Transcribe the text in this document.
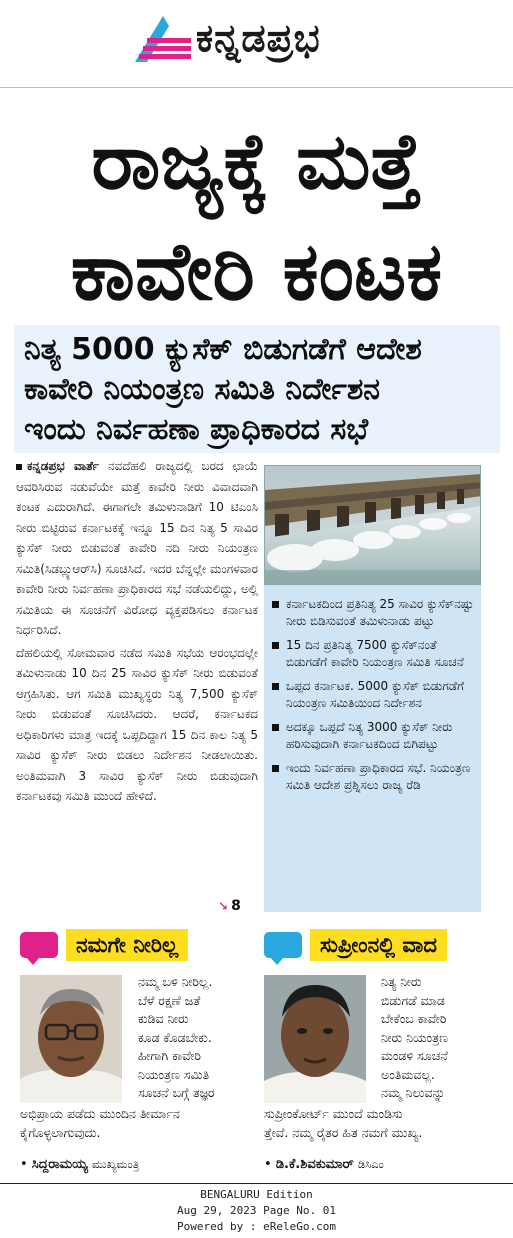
ಕನ್ನಡಪ್ರಭ
ರಾಜ್ಯಕ್ಕೆ ಮತ್ತೆ
ಕಾವೇರಿ ಕಂಟಕ
ನಿತ್ಯ 5000 ಕ್ಯುಸೆಕ್ ಬಿಡುಗಡೆಗೆ ಆದೇಶ
ಕಾವೇರಿ ನಿಯಂತ್ರಣ ಸಮಿತಿ ನಿರ್ದೇಶನ
ಇಂದು ನಿರ್ವಹಣಾ ಪ್ರಾಧಿಕಾರದ ಸಭೆ

ಕನ್ನಡಪ್ರಭ ವಾರ್ತೆ ನವದೆಹಲಿ ರಾಜ್ಯದಲ್ಲಿ ಬರದ ಛಾಯೆ ಆವರಿಸಿರುವ ನಡುವೆಯೇ ಮತ್ತೆ ಕಾವೇರಿ ನೀರು ವಿವಾದವಾಗಿ ಕಂಟಕ ಎದುರಾಗಿದೆ. ಈಗಾಗಲೇ ತಮಿಳುನಾಡಿಗೆ 10 ಟಿಎಂಸಿ ನೀರು ಬಿಟ್ಟಿರುವ ಕರ್ನಾಟಕಕ್ಕೆ ಇನ್ನೂ 15 ದಿನ ನಿತ್ಯ 5 ಸಾವಿರ ಕ್ಯುಸೆಕ್ ನೀರು ಬಿಡುವಂತೆ ಕಾವೇರಿ ನದಿ ನೀರು ನಿಯಂತ್ರಣ ಸಮಿತಿ(ಸಿಡಬ್ಲ್ಯುಆರ್‌ಸಿ) ಸೂಚಿಸಿದೆ. ಇದರ ಬೆನ್ನಲ್ಲೇ ಮಂಗಳವಾರ ಕಾವೇರಿ ನೀರು ನಿರ್ವಹಣಾ ಪ್ರಾಧಿಕಾರದ ಸಭೆ ನಡೆಯಲಿದ್ದು, ಅಲ್ಲಿ ಸಮಿತಿಯ ಈ ಸೂಚನೆಗೆ ವಿರೋಧ ವ್ಯಕ್ತಪಡಿಸಲು ಕರ್ನಾಟಕ ನಿರ್ಧರಿಸಿದೆ.

ದೆಹಲಿಯಲ್ಲಿ ಸೋಮವಾರ ನಡೆದ ಸಮಿತಿ ಸಭೆಯ ಆರಂಭದಲ್ಲೇ ತಮಿಳುನಾಡು 10 ದಿನ 25 ಸಾವಿರ ಕ್ಯುಸೆಕ್ ನೀರು ಬಿಡುವಂತೆ ಆಗ್ರಹಿಸಿತು. ಆಗ ಸಮಿತಿ ಮುಖ್ಯಸ್ಥರು ನಿತ್ಯ 7,500 ಕ್ಯುಸೆಕ್ ನೀರು ಬಿಡುವಂತೆ ಸೂಚಿಸಿದರು. ಆದರೆ, ಕರ್ನಾಟಕದ ಅಧಿಕಾರಿಗಳು ಮಾತ್ರ ಇದಕ್ಕೆ ಒಪ್ಪದಿದ್ದಾಗ 15 ದಿನ ಕಾಲ ನಿತ್ಯ 5 ಸಾವಿರ ಕ್ಯುಸೆಕ್ ನೀರು ಬಿಡಲು ನಿರ್ದೇಶನ ನೀಡಲಾಯಿತು. ಅಂತಿಮವಾಗಿ 3 ಸಾವಿರ ಕ್ಯುಸೆಕ್ ನೀರು ಬಿಡುವುದಾಗಿ ಕರ್ನಾಟಕವು ಸಮಿತಿ ಮುಂದೆ ಹೇಳಿದೆ.

↘ 8
ಕರ್ನಾಟಕದಿಂದ ಪ್ರತಿನಿತ್ಯ 25 ಸಾವಿರ ಕ್ಯುಸೆಕ್‌ನಷ್ಟು ನೀರು ಬಿಡಿಸುವಂತೆ ತಮಿಳುನಾಡು ಪಟ್ಟು
15 ದಿನ ಪ್ರತಿನಿತ್ಯ 7500 ಕ್ಯುಸೆಕ್‌ನಂತೆ ಬಿಡುಗಡೆಗೆ ಕಾವೇರಿ ನಿಯಂತ್ರಣ ಸಮಿತಿ ಸೂಚನೆ
ಒಪ್ಪದ ಕರ್ನಾಟಕ. 5000 ಕ್ಯುಸೆಕ್ ಬಿಡುಗಡೆಗೆ ನಿಯಂತ್ರಣ ಸಮಿತಿಯಿಂದ ನಿರ್ದೇಶನ
ಅದಕ್ಕೂ ಒಪ್ಪದೆ ನಿತ್ಯ 3000 ಕ್ಯುಸೆಕ್ ನೀರು ಹರಿಸುವುದಾಗಿ ಕರ್ನಾಟಕದಿಂದ ಬಿಗಿಪಟ್ಟು
ಇಂದು ನಿರ್ವಹಣಾ ಪ್ರಾಧಿಕಾರದ ಸಭೆ. ನಿಯಂತ್ರಣ ಸಮಿತಿ ಆದೇಶ ಪ್ರಶ್ನಿಸಲು ರಾಜ್ಯ ರೆಡಿ
ನಮಗೇ ನೀರಿಲ್ಲ
ನಮ್ಮ ಬಳಿ ನೀರಿಲ್ಲ.
ಬೆಳೆ ರಕ್ಷಣೆ ಜತೆ
ಕುಡಿವ ನೀರು
ಕೂಡ ಕೊಡಬೇಕು.
ಹೀಗಾಗಿ ಕಾವೇರಿ
ನಿಯಂತ್ರಣ ಸಮಿತಿ
ಸೂಚನೆ ಬಗ್ಗೆ ತಜ್ಞರ
ಅಭಿಪ್ರಾಯ ಪಡೆದು ಮುಂದಿನ ತೀರ್ಮಾನ
ಕೈಗೊಳ್ಳಲಾಗುವುದು.
• ಸಿದ್ದರಾಮಯ್ಯ ಮುಖ್ಯಮಂತ್ರಿ
ಸುಪ್ರೀಂನಲ್ಲಿ ವಾದ
ನಿತ್ಯ ನೀರು
ಬಿಡುಗಡೆ ಮಾಡ
ಬೇಕೆಂಬ ಕಾವೇರಿ
ನೀರು ನಿಯಂತ್ರಣ
ಮಂಡಳಿ ಸೂಚನೆ
ಅಂತಿಮವಲ್ಲ.
ನಮ್ಮ ನಿಲುವನ್ನು
ಸುಪ್ರೀಂಕೋರ್ಟ್ ಮುಂದೆ ಮಂಡಿಸು
ತ್ತೇವೆ. ನಮ್ಮ ರೈತರ ಹಿತ ನಮಗೆ ಮುಖ್ಯ.
• ಡಿ.ಕೆ.ಶಿವಕುಮಾರ್ ಡಿಸಿಎಂ
BENGALURU Edition
Aug 29, 2023 Page No. 01
Powered by : eReleGo.com
